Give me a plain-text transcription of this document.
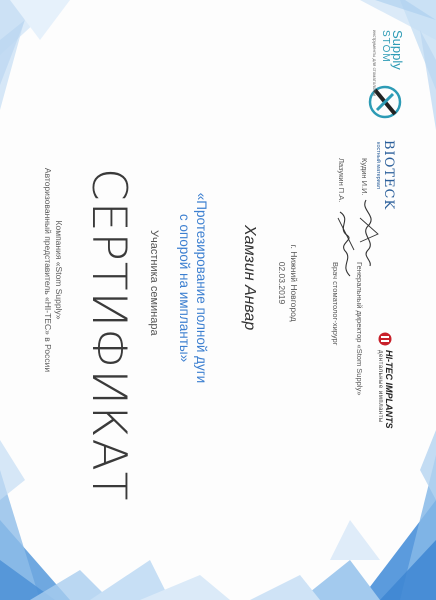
Компания «Stom Supply»
Авторизованный представитель «HI-TEC» в России СЕРТИФИКАТ Участника семинара	«Протезирование полной дуги
с опорой на импланты»	Хамзин Анвар	г. Нижний Новгород
02.03.2019	Врач стоматолог-хирург
Лазукин П.А.
Генеральный директор «Stom Supply»
Кудин И.И.
HI-TEC IMPLANTS
дентальные импланты
BIOTECK
костный материал
STOM Supply
инструменты для стоматологии
